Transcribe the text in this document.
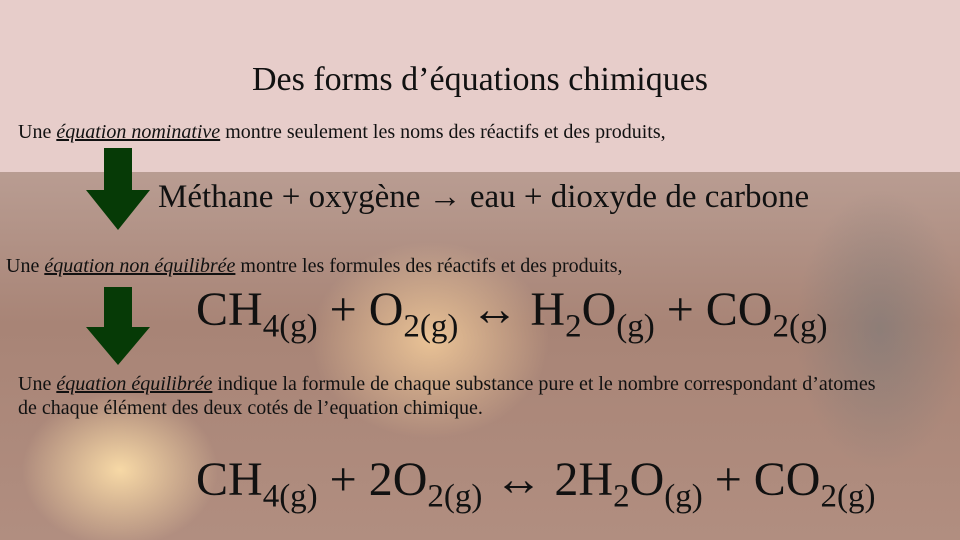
Des forms d’équations chimiques
Une équation nominative montre seulement les noms des réactifs et des produits,
Méthane + oxygène → eau + dioxyde de carbone
Une équation non équilibrée montre les formules des réactifs et des produits,
$CH_{4(g)} + O_{2(g)}$ ↔ $H_2O_{(g)} + CO_{2(g)}$
Une équation équilibrée indique la formule de chaque substance pure et le nombre correspondant d’atomes de chaque élément des deux cotés de l’equation chimique.
$CH_{4(g)} + 2O_{2(g)}$ ↔ $2H_2O_{(g)} + CO_{2(g)}$
